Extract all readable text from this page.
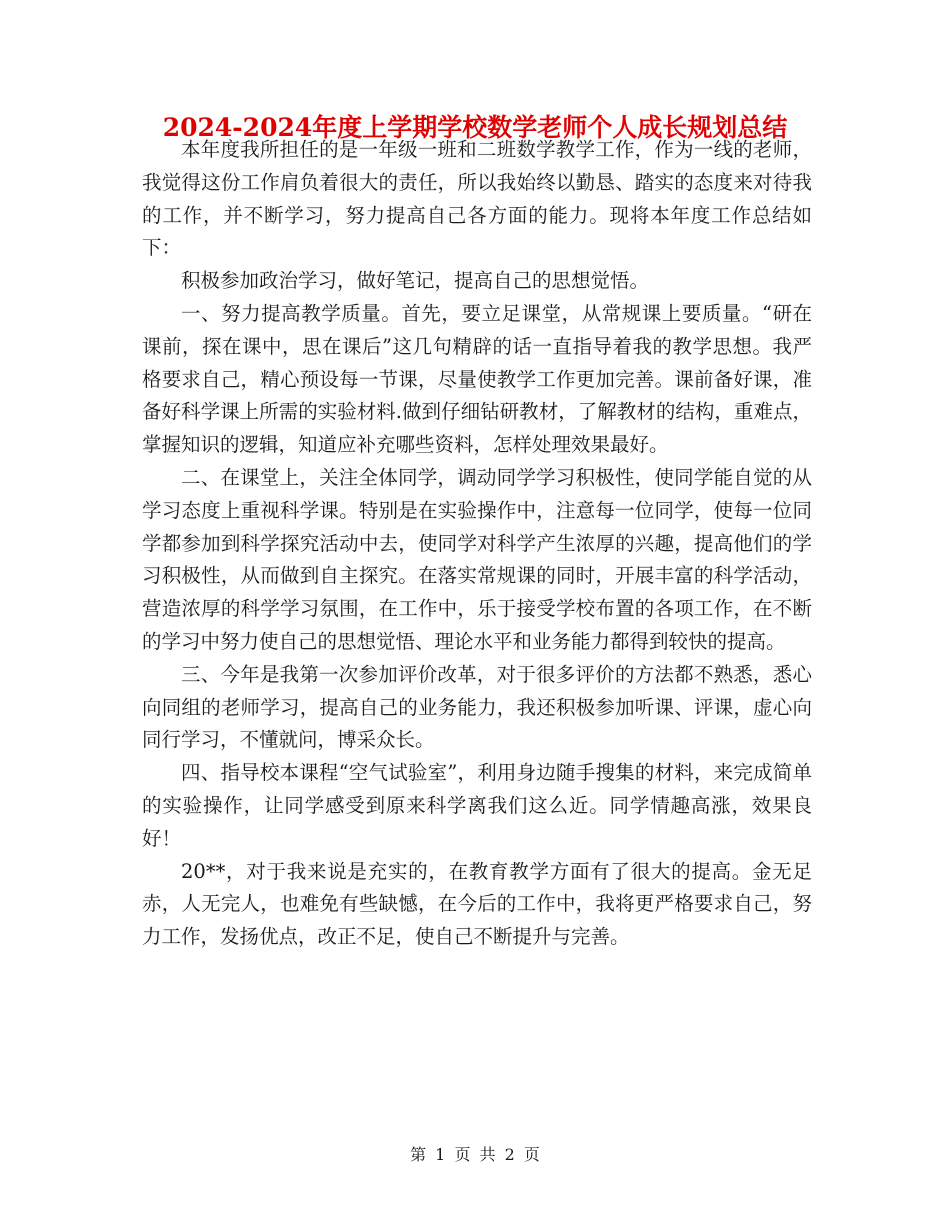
2024-2024年度上学期学校数学老师个人成长规划总结

本年度我所担任的是一年级一班和二班数学教学工作，作为一线的老师，我觉得这份工作肩负着很大的责任，所以我始终以勤恳、踏实的态度来对待我的工作，并不断学习，努力提高自己各方面的能力。现将本年度工作总结如下：

积极参加政治学习，做好笔记，提高自己的思想觉悟。

一、努力提高教学质量。首先，要立足课堂，从常规课上要质量。“研在课前，探在课中，思在课后”这几句精辟的话一直指导着我的教学思想。我严格要求自己，精心预设每一节课，尽量使教学工作更加完善。课前备好课，准备好科学课上所需的实验材料.做到仔细钻研教材，了解教材的结构，重难点，掌握知识的逻辑，知道应补充哪些资料，怎样处理效果最好。

二、在课堂上，关注全体同学，调动同学学习积极性，使同学能自觉的从学习态度上重视科学课。特别是在实验操作中，注意每一位同学，使每一位同学都参加到科学探究活动中去，使同学对科学产生浓厚的兴趣，提高他们的学习积极性，从而做到自主探究。在落实常规课的同时，开展丰富的科学活动，营造浓厚的科学学习氛围，在工作中，乐于接受学校布置的各项工作，在不断的学习中努力使自己的思想觉悟、理论水平和业务能力都得到较快的提高。

三、今年是我第一次参加评价改革，对于很多评价的方法都不熟悉，悉心向同组的老师学习，提高自己的业务能力，我还积极参加听课、评课，虚心向同行学习，不懂就问，博采众长。

四、指导校本课程“空气试验室”，利用身边随手搜集的材料，来完成简单的实验操作，让同学感受到原来科学离我们这么近。同学情趣高涨，效果良好！

20**，对于我来说是充实的，在教育教学方面有了很大的提高。金无足赤，人无完人，也难免有些缺憾，在今后的工作中，我将更严格要求自己，努力工作，发扬优点，改正不足，使自己不断提升与完善。

第 1 页 共 2 页
